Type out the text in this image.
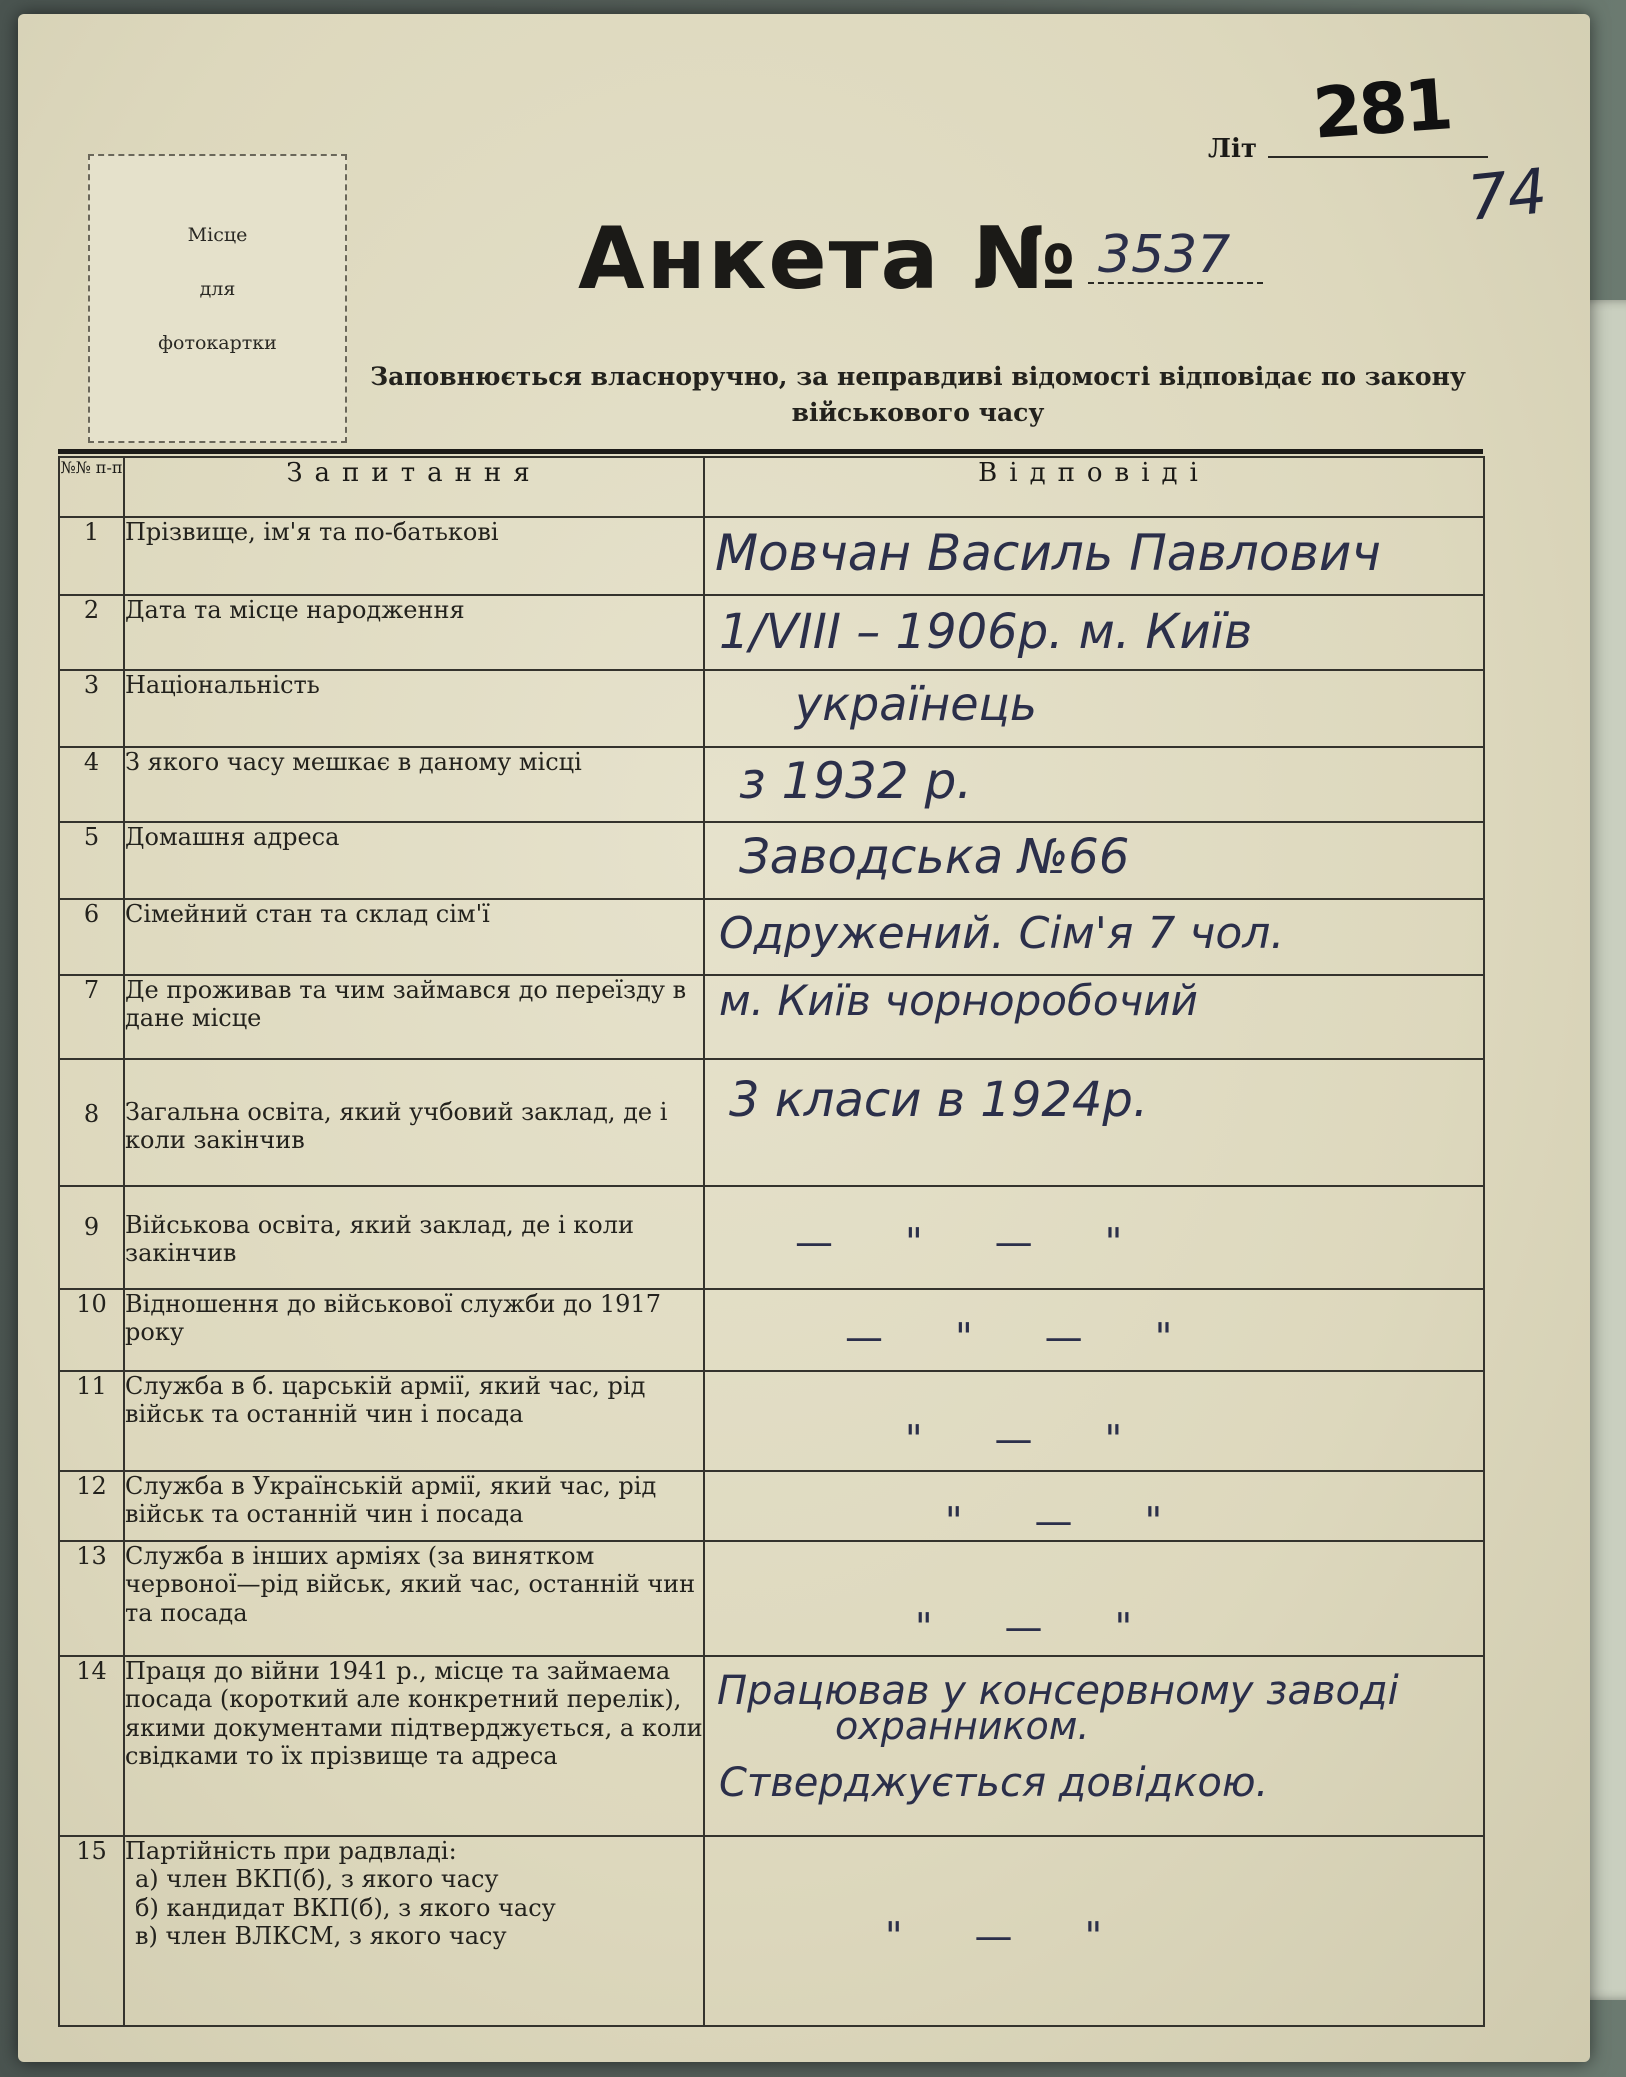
Місце
для
фотокартки
Літ 281
74
Анкета № 3537
Заповнюється власноручно, за неправдиві відомості відповідає по закону
військового часу
№№ п-п	Запитання	Відповіді
1	Прізвище, ім'я та по-батькові	Мовчан Василь Павлович

2	Дата та місце народження	1/VIII – 1906р. м. Київ

3	Національність	українець

4	З якого часу мешкає в даному місці	з 1932 р.

5	Домашня адреса	Заводська №66

6	Сімейний стан та склад сім'ї	Одружений. Сім'я 7 чол.

7	Де проживав та чим займався до переїзду в дане місце	м. Київ чорноробочий

8	Загальна освіта, який учбовий заклад, де і коли закінчив	3 класи в 1924р.

9	Військова освіта, який заклад, де і коли закінчив	— " — "

10	Відношення до військової служби до 1917 року	— " — "

11	Служба в б. царській армії, який час, рід військ та останній чин і посада	" — "

12	Служба в Українській армії, який час, рід військ та останній чин і посада	" — "

13	Служба в інших арміях (за винятком червоної—рід військ, який час, останній чин та посада	" — "

14	Праця до війни 1941 р., місце та займаема посада (короткий але конкретний перелік), якими документами підтверджується, а коли свідками то їх прізвище та адреса	Працював у консервному заводі
охранником.
Стверджується довідкою.

15	Партійність при радвладі:
а) член ВКП(б), з якого часу
б) кандидат ВКП(б), з якого часу
в) член ВЛКСМ, з якого часу	" — "
